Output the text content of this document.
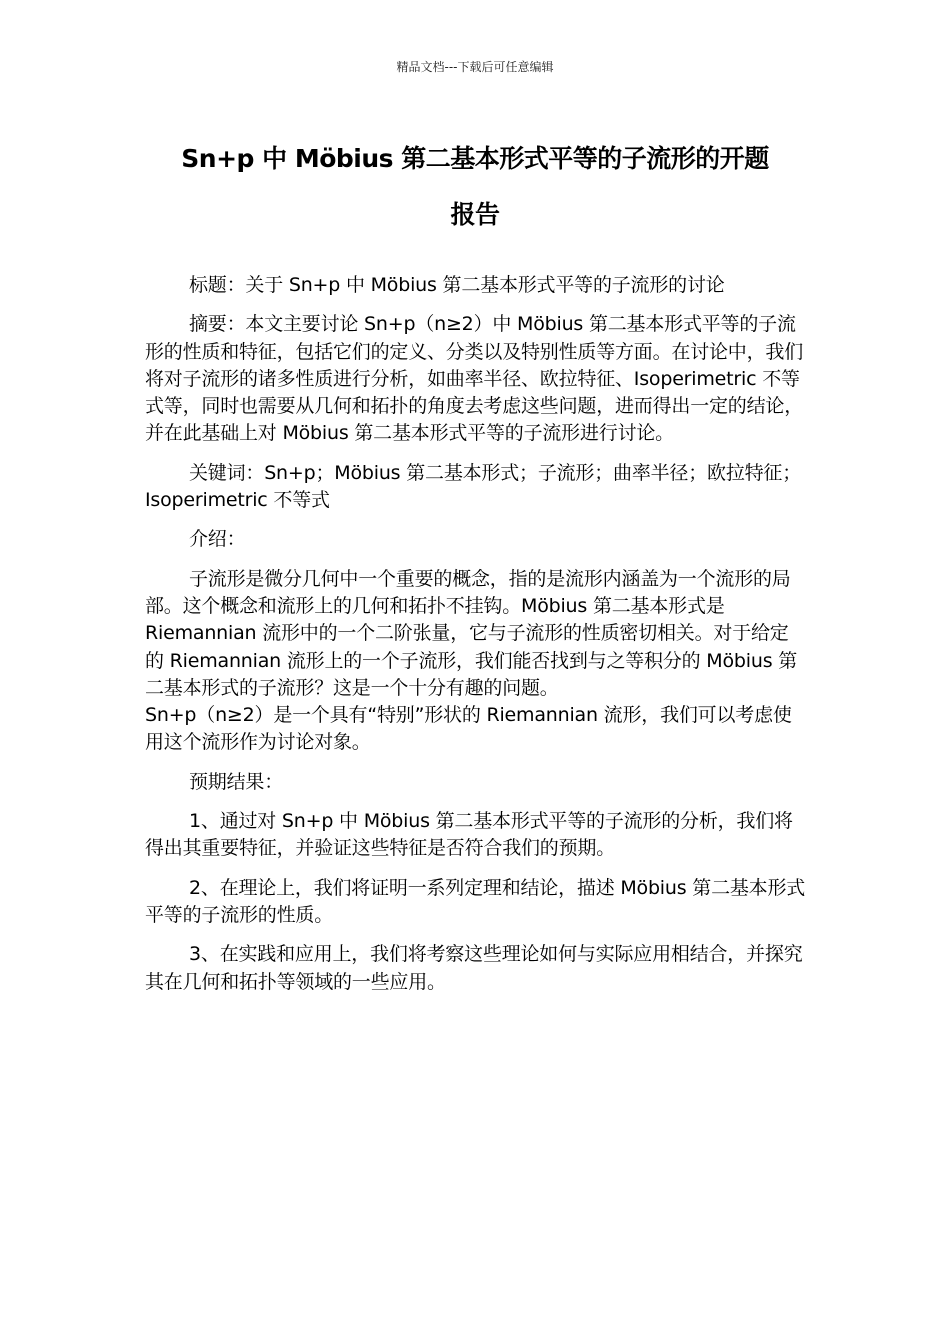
精品文档---下载后可任意编辑
Sn+p 中 Möbius 第二基本形式平等的子流形的开题
报告

标题：关于 Sn+p 中 Möbius 第二基本形式平等的子流形的讨论

摘要：本文主要讨论 Sn+p（n≥2）中 Möbius 第二基本形式平等的子流形的性质和特征，包括它们的定义、分类以及特别性质等方面。在讨论中，我们将对子流形的诸多性质进行分析，如曲率半径、欧拉特征、Isoperimetric 不等式等，同时也需要从几何和拓扑的角度去考虑这些问题，进而得出一定的结论，并在此基础上对 Möbius 第二基本形式平等的子流形进行讨论。

关键词：Sn+p；Möbius 第二基本形式；子流形；曲率半径；欧拉特征；Isoperimetric 不等式

介绍：

子流形是微分几何中一个重要的概念，指的是流形内涵盖为一个流形的局部。这个概念和流形上的几何和拓扑不挂钩。Möbius 第二基本形式是 Riemannian 流形中的一个二阶张量，它与子流形的性质密切相关。对于给定的 Riemannian 流形上的一个子流形，我们能否找到与之等积分的 Möbius 第二基本形式的子流形？这是一个十分有趣的问题。

Sn+p（n≥2）是一个具有“特别”形状的 Riemannian 流形，我们可以考虑使用这个流形作为讨论对象。

预期结果：

1、通过对 Sn+p 中 Möbius 第二基本形式平等的子流形的分析，我们将得出其重要特征，并验证这些特征是否符合我们的预期。

2、在理论上，我们将证明一系列定理和结论，描述 Möbius 第二基本形式平等的子流形的性质。

3、在实践和应用上，我们将考察这些理论如何与实际应用相结合，并探究其在几何和拓扑等领域的一些应用。
